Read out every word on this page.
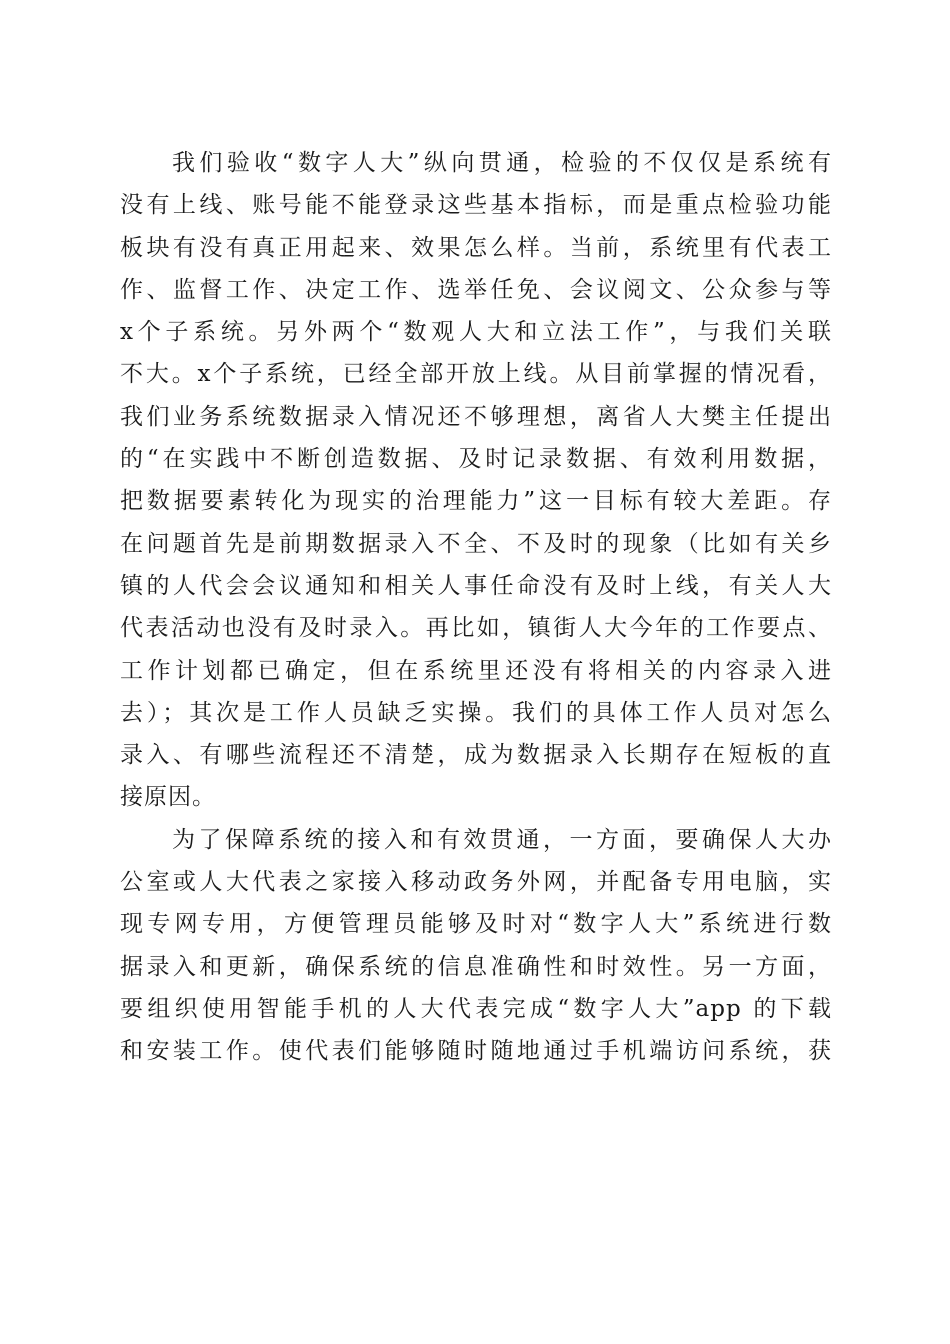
我们验收“数字人大”纵向贯通，检验的不仅仅是系统有
没有上线、账号能不能登录这些基本指标，而是重点检验功能
板块有没有真正用起来、效果怎么样。当前，系统里有代表工
作、监督工作、决定工作、选举任免、会议阅文、公众参与等
x个子系统。另外两个“数观人大和立法工作”，与我们关联
不大。x个子系统，已经全部开放上线。从目前掌握的情况看，
我们业务系统数据录入情况还不够理想，离省人大樊主任提出
的“在实践中不断创造数据、及时记录数据、有效利用数据，
把数据要素转化为现实的治理能力”这一目标有较大差距。存
在问题首先是前期数据录入不全、不及时的现象（比如有关乡
镇的人代会会议通知和相关人事任命没有及时上线，有关人大
代表活动也没有及时录入。再比如，镇街人大今年的工作要点、
工作计划都已确定，但在系统里还没有将相关的内容录入进
去）；其次是工作人员缺乏实操。我们的具体工作人员对怎么
录入、有哪些流程还不清楚，成为数据录入长期存在短板的直
接原因。
为了保障系统的接入和有效贯通，一方面，要确保人大办
公室或人大代表之家接入移动政务外网，并配备专用电脑，实
现专网专用，方便管理员能够及时对“数字人大”系统进行数
据录入和更新，确保系统的信息准确性和时效性。另一方面，
要组织使用智能手机的人大代表完成“数字人大”app 的下载
和安装工作。使代表们能够随时随地通过手机端访问系统，获
